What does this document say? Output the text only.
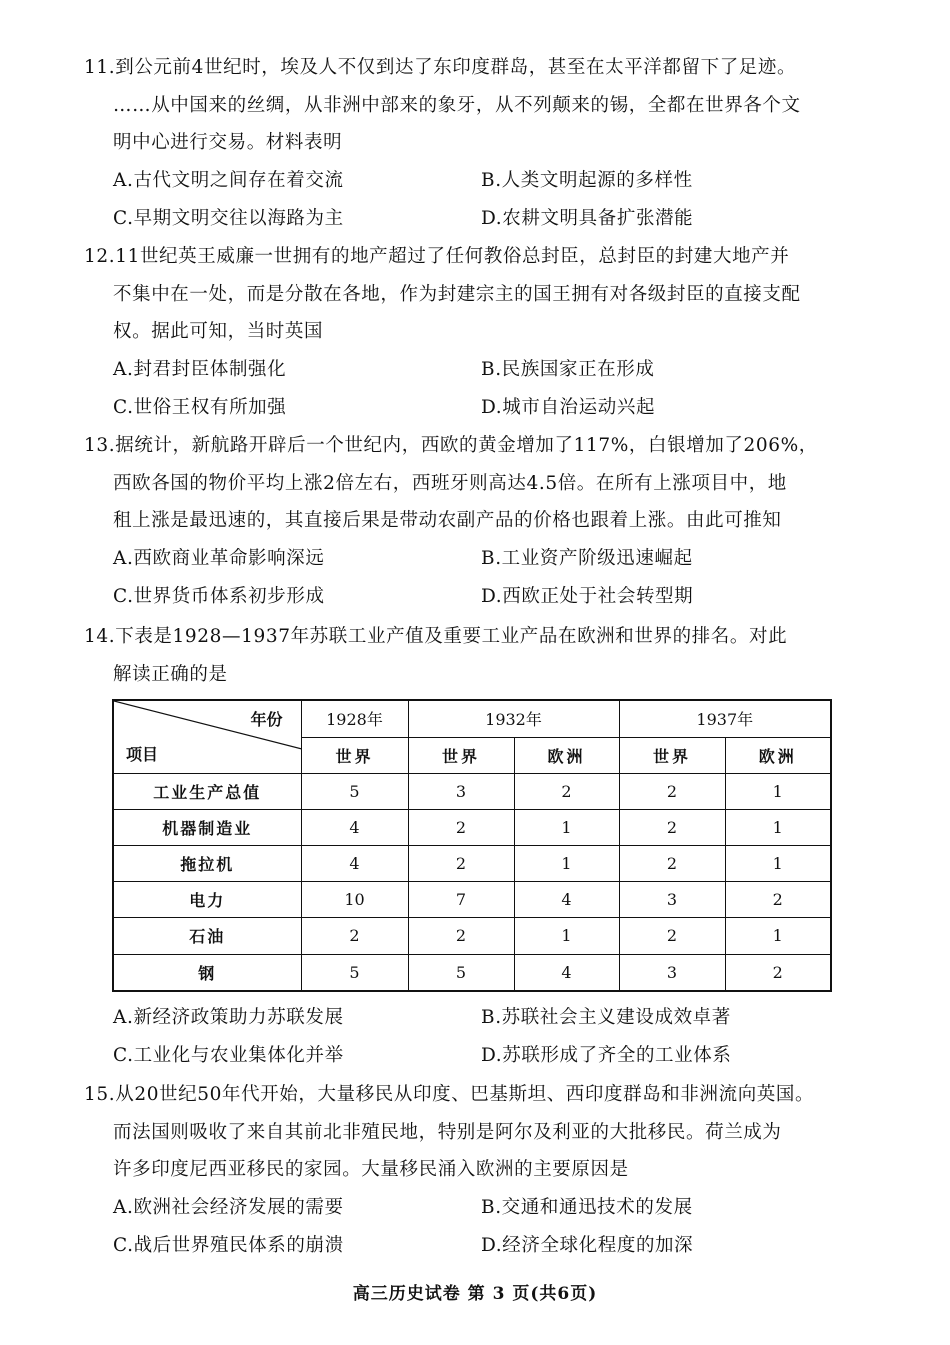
11.到公元前4世纪时，埃及人不仅到达了东印度群岛，甚至在太平洋都留下了足迹。
……从中国来的丝绸，从非洲中部来的象牙，从不列颠来的锡，全都在世界各个文
明中心进行交易。材料表明
A.古代文明之间存在着交流	B.人类文明起源的多样性
C.早期文明交往以海路为主	D.农耕文明具备扩张潜能
12.11世纪英王威廉一世拥有的地产超过了任何教俗总封臣，总封臣的封建大地产并
不集中在一处，而是分散在各地，作为封建宗主的国王拥有对各级封臣的直接支配
权。据此可知，当时英国
A.封君封臣体制强化	B.民族国家正在形成
C.世俗王权有所加强	D.城市自治运动兴起
13.据统计，新航路开辟后一个世纪内，西欧的黄金增加了117%，白银增加了206%，
西欧各国的物价平均上涨2倍左右，西班牙则高达4.5倍。在所有上涨项目中，地
租上涨是最迅速的，其直接后果是带动农副产品的价格也跟着上涨。由此可推知
A.西欧商业革命影响深远	B.工业资产阶级迅速崛起
C.世界货币体系初步形成	D.西欧正处于社会转型期
14.下表是1928—1937年苏联工业产值及重要工业产品在欧洲和世界的排名。对此
解读正确的是
年份
项目	1928年	1932年		1937年	
	世界	世界	欧洲	世界	欧洲
工业生产总值	5	3	2	2	1
机器制造业	4	2	1	2	1
拖拉机	4	2	1	2	1
电力	10	7	4	3	2
石油	2	2	1	2	1
钢	5	5	4	3	2
A.新经济政策助力苏联发展	B.苏联社会主义建设成效卓著
C.工业化与农业集体化并举	D.苏联形成了齐全的工业体系
15.从20世纪50年代开始，大量移民从印度、巴基斯坦、西印度群岛和非洲流向英国。
而法国则吸收了来自其前北非殖民地，特别是阿尔及利亚的大批移民。荷兰成为
许多印度尼西亚移民的家园。大量移民涌入欧洲的主要原因是
A.欧洲社会经济发展的需要	B.交通和通迅技术的发展
C.战后世界殖民体系的崩溃	D.经济全球化程度的加深
高三历史试卷 第 3 页(共6页)
